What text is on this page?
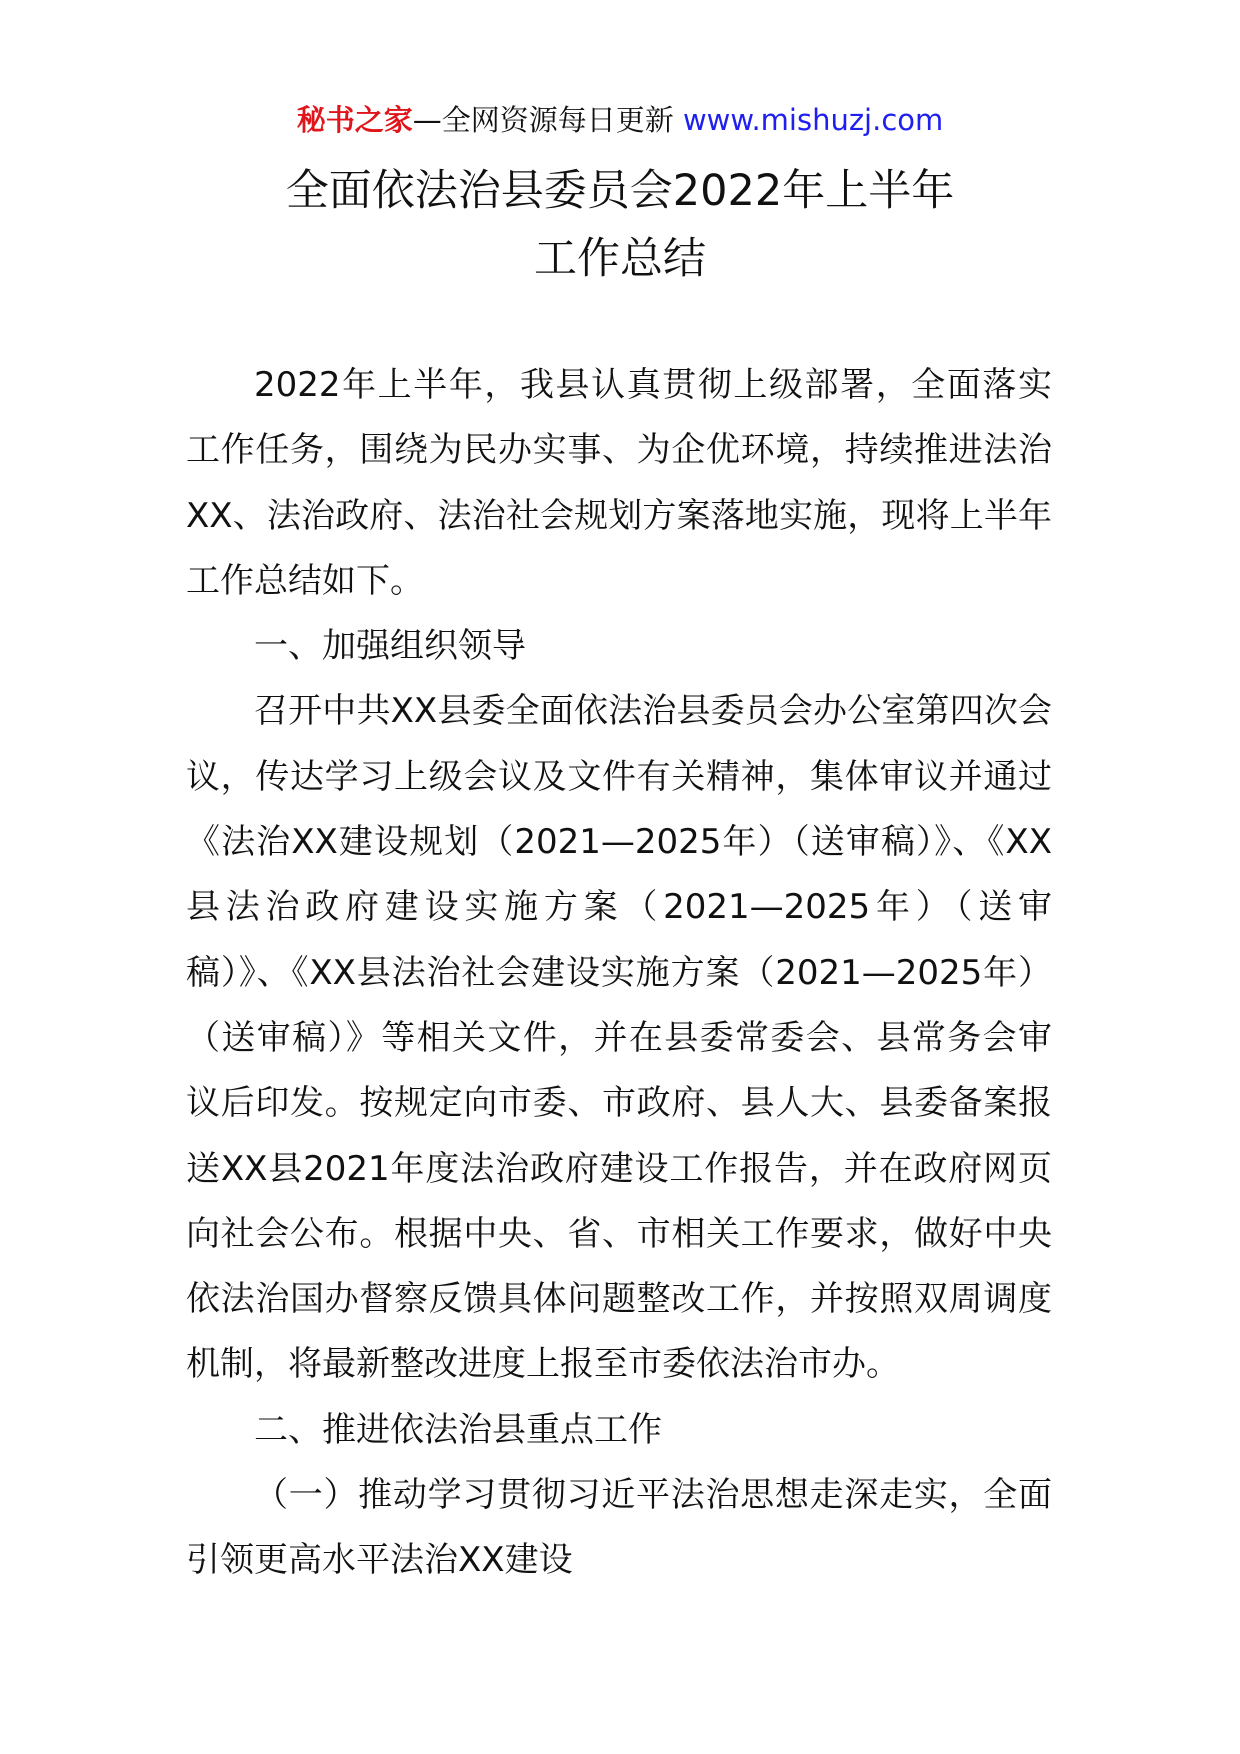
秘书之家—全网资源每日更新 www.mishuzj.com
全面依法治县委员会2022年上半年
工作总结

2022年上半年，我县认真贯彻上级部署，全面落实工作任务，围绕为民办实事、为企优环境，持续推进法治XX、法治政府、法治社会规划方案落地实施，现将上半年工作总结如下。

一、加强组织领导

召开中共XX县委全面依法治县委员会办公室第四次会议，传达学习上级会议及文件有关精神，集体审议并通过《法治XX建设规划（2021—2025年）（送审稿）》、《XX县法治政府建设实施方案（2021—2025年）（送审稿）》、《XX县法治社会建设实施方案（2021—2025年）（送审稿）》等相关文件，并在县委常委会、县常务会审议后印发。按规定向市委、市政府、县人大、县委备案报送XX县2021年度法治政府建设工作报告，并在政府网页向社会公布。根据中央、省、市相关工作要求，做好中央依法治国办督察反馈具体问题整改工作，并按照双周调度机制，将最新整改进度上报至市委依法治市办。

二、推进依法治县重点工作

（一）推动学习贯彻习近平法治思想走深走实，全面引领更高水平法治XX建设
